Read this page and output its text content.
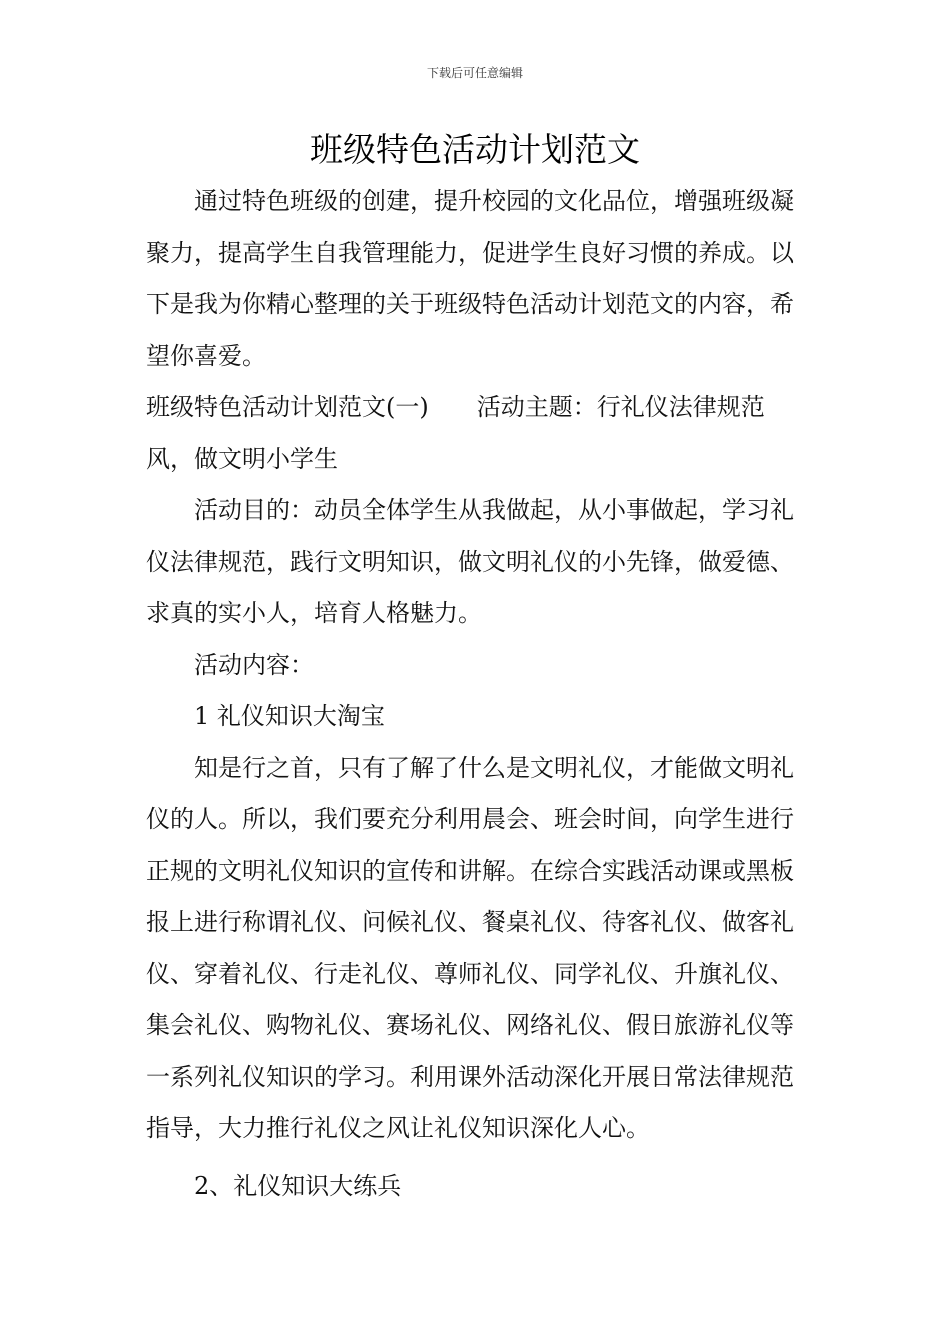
下载后可任意编辑
班级特色活动计划范文

通过特色班级的创建，提升校园的文化品位，增强班级凝聚力，提高学生自我管理能力，促进学生良好习惯的养成。以下是我为你精心整理的关于班级特色活动计划范文的内容，希望你喜爱。

班级特色活动计划范文(一)　　活动主题：行礼仪法律规范风，做文明小学生

活动目的：动员全体学生从我做起，从小事做起，学习礼仪法律规范，践行文明知识，做文明礼仪的小先锋，做爱德、求真的实小人，培育人格魅力。

活动内容：

1 礼仪知识大淘宝

知是行之首，只有了解了什么是文明礼仪，才能做文明礼仪的人。所以，我们要充分利用晨会、班会时间，向学生进行正规的文明礼仪知识的宣传和讲解。在综合实践活动课或黑板报上进行称谓礼仪、问候礼仪、餐桌礼仪、待客礼仪、做客礼仪、穿着礼仪、行走礼仪、尊师礼仪、同学礼仪、升旗礼仪、集会礼仪、购物礼仪、赛场礼仪、网络礼仪、假日旅游礼仪等一系列礼仪知识的学习。利用课外活动深化开展日常法律规范指导，大力推行礼仪之风让礼仪知识深化人心。

2、礼仪知识大练兵
